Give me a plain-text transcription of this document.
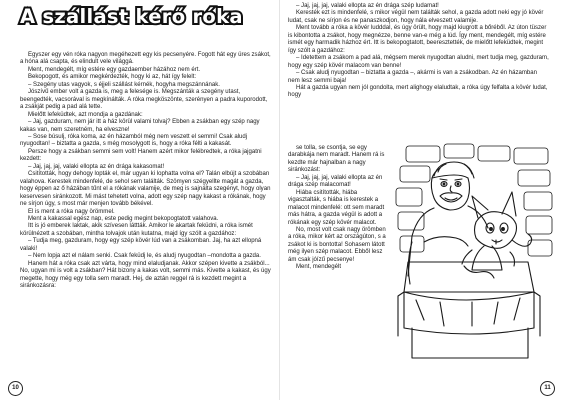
A szállást kérő róka

Egyszer egy vén róka nagyon megéhezett egy kis pecsenyére. Fogott hát egy üres zsákot, a hóna alá csapta, és elindult vele világgá.

Ment, mendegélt, míg estére egy gazdaember házához nem ért.

Bekopogott, és amikor megkérdezték, hogy ki az, hát így felelt:

– Szegény utas vagyok, s éjjeli szállást kérnék, hogyha megszánnának.

Jószívű ember volt a gazda is, meg a felesége is. Megszánták a szegény utast, beengedték, vacsorával is megkínálták. A róka megköszönte, szerényen a padra kuporodott, a zsákját pedig a pad alá tette.

Mielőtt lefeküdtek, azt mondja a gazdának:

– Jaj, gazduram, nem jár itt a ház körül valami tolvaj? Ebben a zsákban egy szép nagy kakas van, nem szeretném, ha elveszne!

– Sose búsulj, róka koma, az én házamból még nem veszett el semmi! Csak aludj nyugodtan! – biztatta a gazda, s még mosolygott is, hogy a róka félti a kakasát.

Persze hogy a zsákban semmi sem volt! Hanem azért mikor felébredtek, a róka jajgatni kezdett:

– Jaj, jaj, jaj, valaki ellopta az én drága kakasomat!

Csitították, hogy dehogy lopták el, már ugyan ki lophatta volna el? Talán elbújt a szobában valahova. Kerestek mindenfelé, de sehol sem találták. Szömyen szégyellte magát a gazda, hogy éppen az ő házában tűnt el a rókának valamije, de meg is sajnálta szegényt, hogy olyan keservesen siránkozott. Mi mást tehetett volna, adott egy szép nagy kakast a rókának, hogy ne sírjon úgy, s most már menjen tovább békével.

El is ment a róka nagy örömmel.

Ment a kakassal egész nap, este pedig megint bekopogtatott valahova.

Itt is jó emberek laktak, akik szívesen láttták. Amikor le akartak feküdni, a róka ismét körülnézett a szobában, mintha tolvajok után kutatna, majd így szólt a gazdához:

– Tudja meg, gazduram, hogy egy szép kövér lúd van a zsákomban. Jaj, ha azt ellopná valaki!

– Nem lopja azt el nálam senki. Csak feküdj le, és aludj nyugodtan –mondotta a gazda.

Hanem hát a róka csak azt várta, hogy mind elaludjanak. Akkor szépen kivette a zsákból... No, ugyan mi is volt a zsákban? Hát bizony a kakas volt, semmi más. Kivette a kakast, és úgy megette, hogy még egy tolla sem maradt. Hej, de aztán reggel rá is kezdett megint a siránkozásra:

10

– Jaj, jaj, jaj, valaki ellopta az én drága szép ludamat!

Keresték ezt is mindenfelé, s mikor végül nem találták sehol, a gazda adott neki egy jó kövér ludat, csak ne sírjon és ne panaszkodjon, hogy nála elveszett valamije.

Ment tovább a róka a kövér ludddal, és úgy örült, hogy majd kiugrott a bőréből. Az úton tüszer is kibontotta a zsákot, hogy megnézze, benne van-e még a lúd. Így ment, mendegélt, míg estére ismét egy harmadik házhoz ért. Itt is bekopogtatott, beeresztették, de mielőtt lefeküdtek, megint így szólt a gazdához:

– Idetettem a zsákom a pad alá, mégsem merek nyugodtan aludni, mert tudja meg, gazduram, hogy egy szép kövér malacom van benne!

– Csak aludj nyugodtan – biztatta a gazda –, akármi is van a zsákodban. Az én házamban nem lesz semmi baja!

Hát a gazda ugyan nem jól gondolta, mert alighogy elaludtak, a róka úgy felfalta a kövér ludat, hogy

se tolla, se csontja, se egy darabkája nem maradt. Hanem rá is kezdte már hajnalban a nagy siránkozást:

– Jaj, jaj, jaj, valaki ellopta az én drága szép malacomat!

Hiába csitították, hiába vigasztalták, s hiába is kerestek a malacot mindenfelé: ott sem maradt más hátra, a gazda végül is adott a rókának egy szép kövér malacot.

No, most volt csak nagy örömben a róka, mikor kért az országúton, s a zsákot ki is bontotta! Sohasem látott még ilyen szép malacot. Ebből lesz ám csak jóízű pecsenye!

Ment, mendegélt

11
